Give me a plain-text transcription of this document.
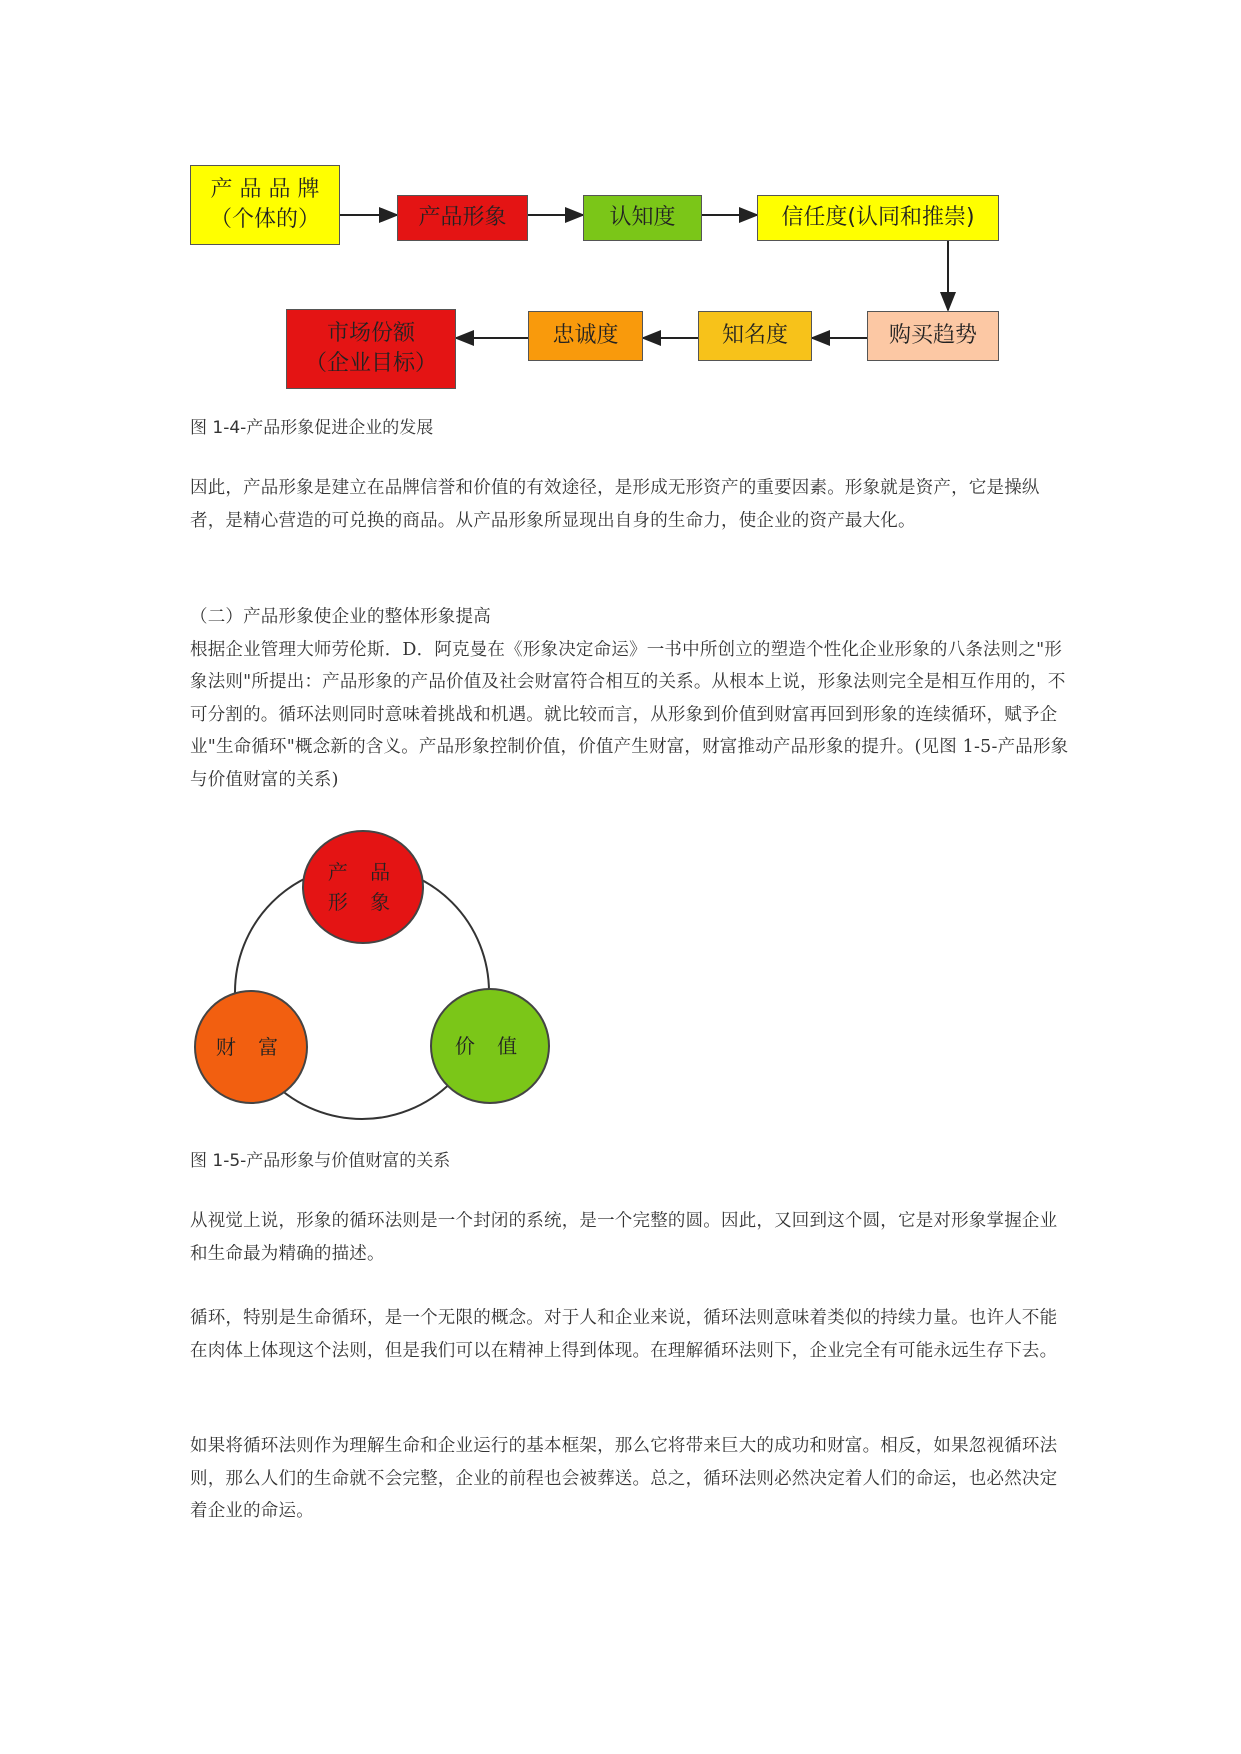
产 品 品 牌
（个体的）	产品形象	认知度	信任度(认同和推崇)
市场份额
（企业目标）
忠诚度	知名度	购买趋势
图 1-4-产品形象促进企业的发展

因此，产品形象是建立在品牌信誉和价值的有效途径，是形成无形资产的重要因素。形象就是资产，它是操纵者，是精心营造的可兑换的商品。从产品形象所显现出自身的生命力，使企业的资产最大化。

（二）产品形象使企业的整体形象提高

根据企业管理大师劳伦斯．D．阿克曼在《形象决定命运》一书中所创立的塑造个性化企业形象的八条法则之"形象法则"所提出：产品形象的产品价值及社会财富符合相互的关系。从根本上说，形象法则完全是相互作用的，不可分割的。循环法则同时意味着挑战和机遇。就比较而言，从形象到价值到财富再回到形象的连续循环，赋予企业"生命循环"概念新的含义。产品形象控制价值，价值产生财富，财富推动产品形象的提升。(见图 1-5-产品形象与价值财富的关系)

产 品
形 象
财 富	价 值
图 1-5-产品形象与价值财富的关系

从视觉上说，形象的循环法则是一个封闭的系统，是一个完整的圆。因此，又回到这个圆，它是对形象掌握企业和生命最为精确的描述。

循环，特别是生命循环，是一个无限的概念。对于人和企业来说，循环法则意味着类似的持续力量。也许人不能在肉体上体现这个法则，但是我们可以在精神上得到体现。在理解循环法则下，企业完全有可能永远生存下去。

如果将循环法则作为理解生命和企业运行的基本框架，那么它将带来巨大的成功和财富。相反，如果忽视循环法则，那么人们的生命就不会完整，企业的前程也会被葬送。总之，循环法则必然决定着人们的命运，也必然决定着企业的命运。
